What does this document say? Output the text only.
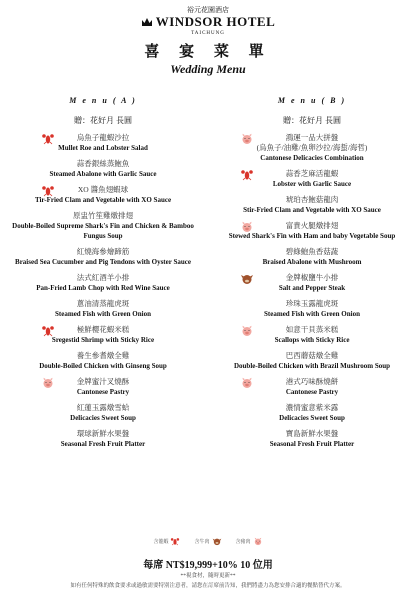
裕元花園酒店
WINDSOR HOTEL
TAICHUNG
喜 宴 菜 單
Wedding Menu
M e n u ( A )
贈：花好月 長圓
烏魚子龍蝦沙拉
Mullet Roe and Lobster Salad
蒜香銀絲蒸鮑魚
Steamed Abalone with Garlic Sauce
XO 醬魚翅蝦球
Tir-Fried Clam and Vegetable with XO Sauce
原盅竹笙雞燉排翅
Double-Boiled Supreme Shark's Fin and Chicken & Bamboo Fungus Soup
紅燒海參燴蹄筋
Braised Sea Cucumber and Pig Tendons with Oyster Sauce
法式紅酒羊小排
Pan-Fried Lamb Chop with Red Wine Sauce
蔥油清蒸龍虎斑
Steamed Fish with Green Onion
極鮮櫻花蝦米糕
Sregestid Shrimp with Sticky Rice
養生參耆燉全雞
Double-Boiled Chicken with Ginseng Soup
金牌蜜汁叉燒酥
Cantonese Pastry
紅蓮玉露燉雪蛤
Delicacies Sweet Soup
環球新鮮水果盤
Seasonal Fresh Fruit Platter
M e n u ( B )
贈：花好月 長圓
鴻運一品大拼盤
(烏魚子/油雞/魚卵沙拉/海蜇/海哲)
Cantonese Delicacies Combination
蒜香芝麻活龍蝦
Lobster with Garlic Sauce
琥珀杏鮑菇龍肉
Stir-Fried Clam and Vegetable with XO Sauce
富貴火腿燉排翅
Stewed Shark's Fin with Ham and baby Vegetable Soup
碧綠鮑魚香菇蔬
Braised Abalone with Mushroom
金牌椒鹽牛小排
Salt and Pepper Steak
珍珠玉露龍虎斑
Steamed Fish with Green Onion
如意干貝蒸米糕
Scallops with Sticky Rice
巴西蘑菇燉全雞
Double-Boiled Chicken with Brazil Mushroom Soup
港式巧味酥燒餅
Cantonese Pastry
濃情蜜意紫米露
Delicacies Sweet Soup
寶島新鮮水果盤
Seasonal Fresh Fruit Platter
含龍蝦	含牛肉	含豬肉
每席 NT$19,999+10% 10 位用
**視食材，隨時更新**
如有任何特殊的飲食要求或過敏需要特別注意者，請您在訂席前告知，我們將盡力為您安排合適的餐點替代方案。
